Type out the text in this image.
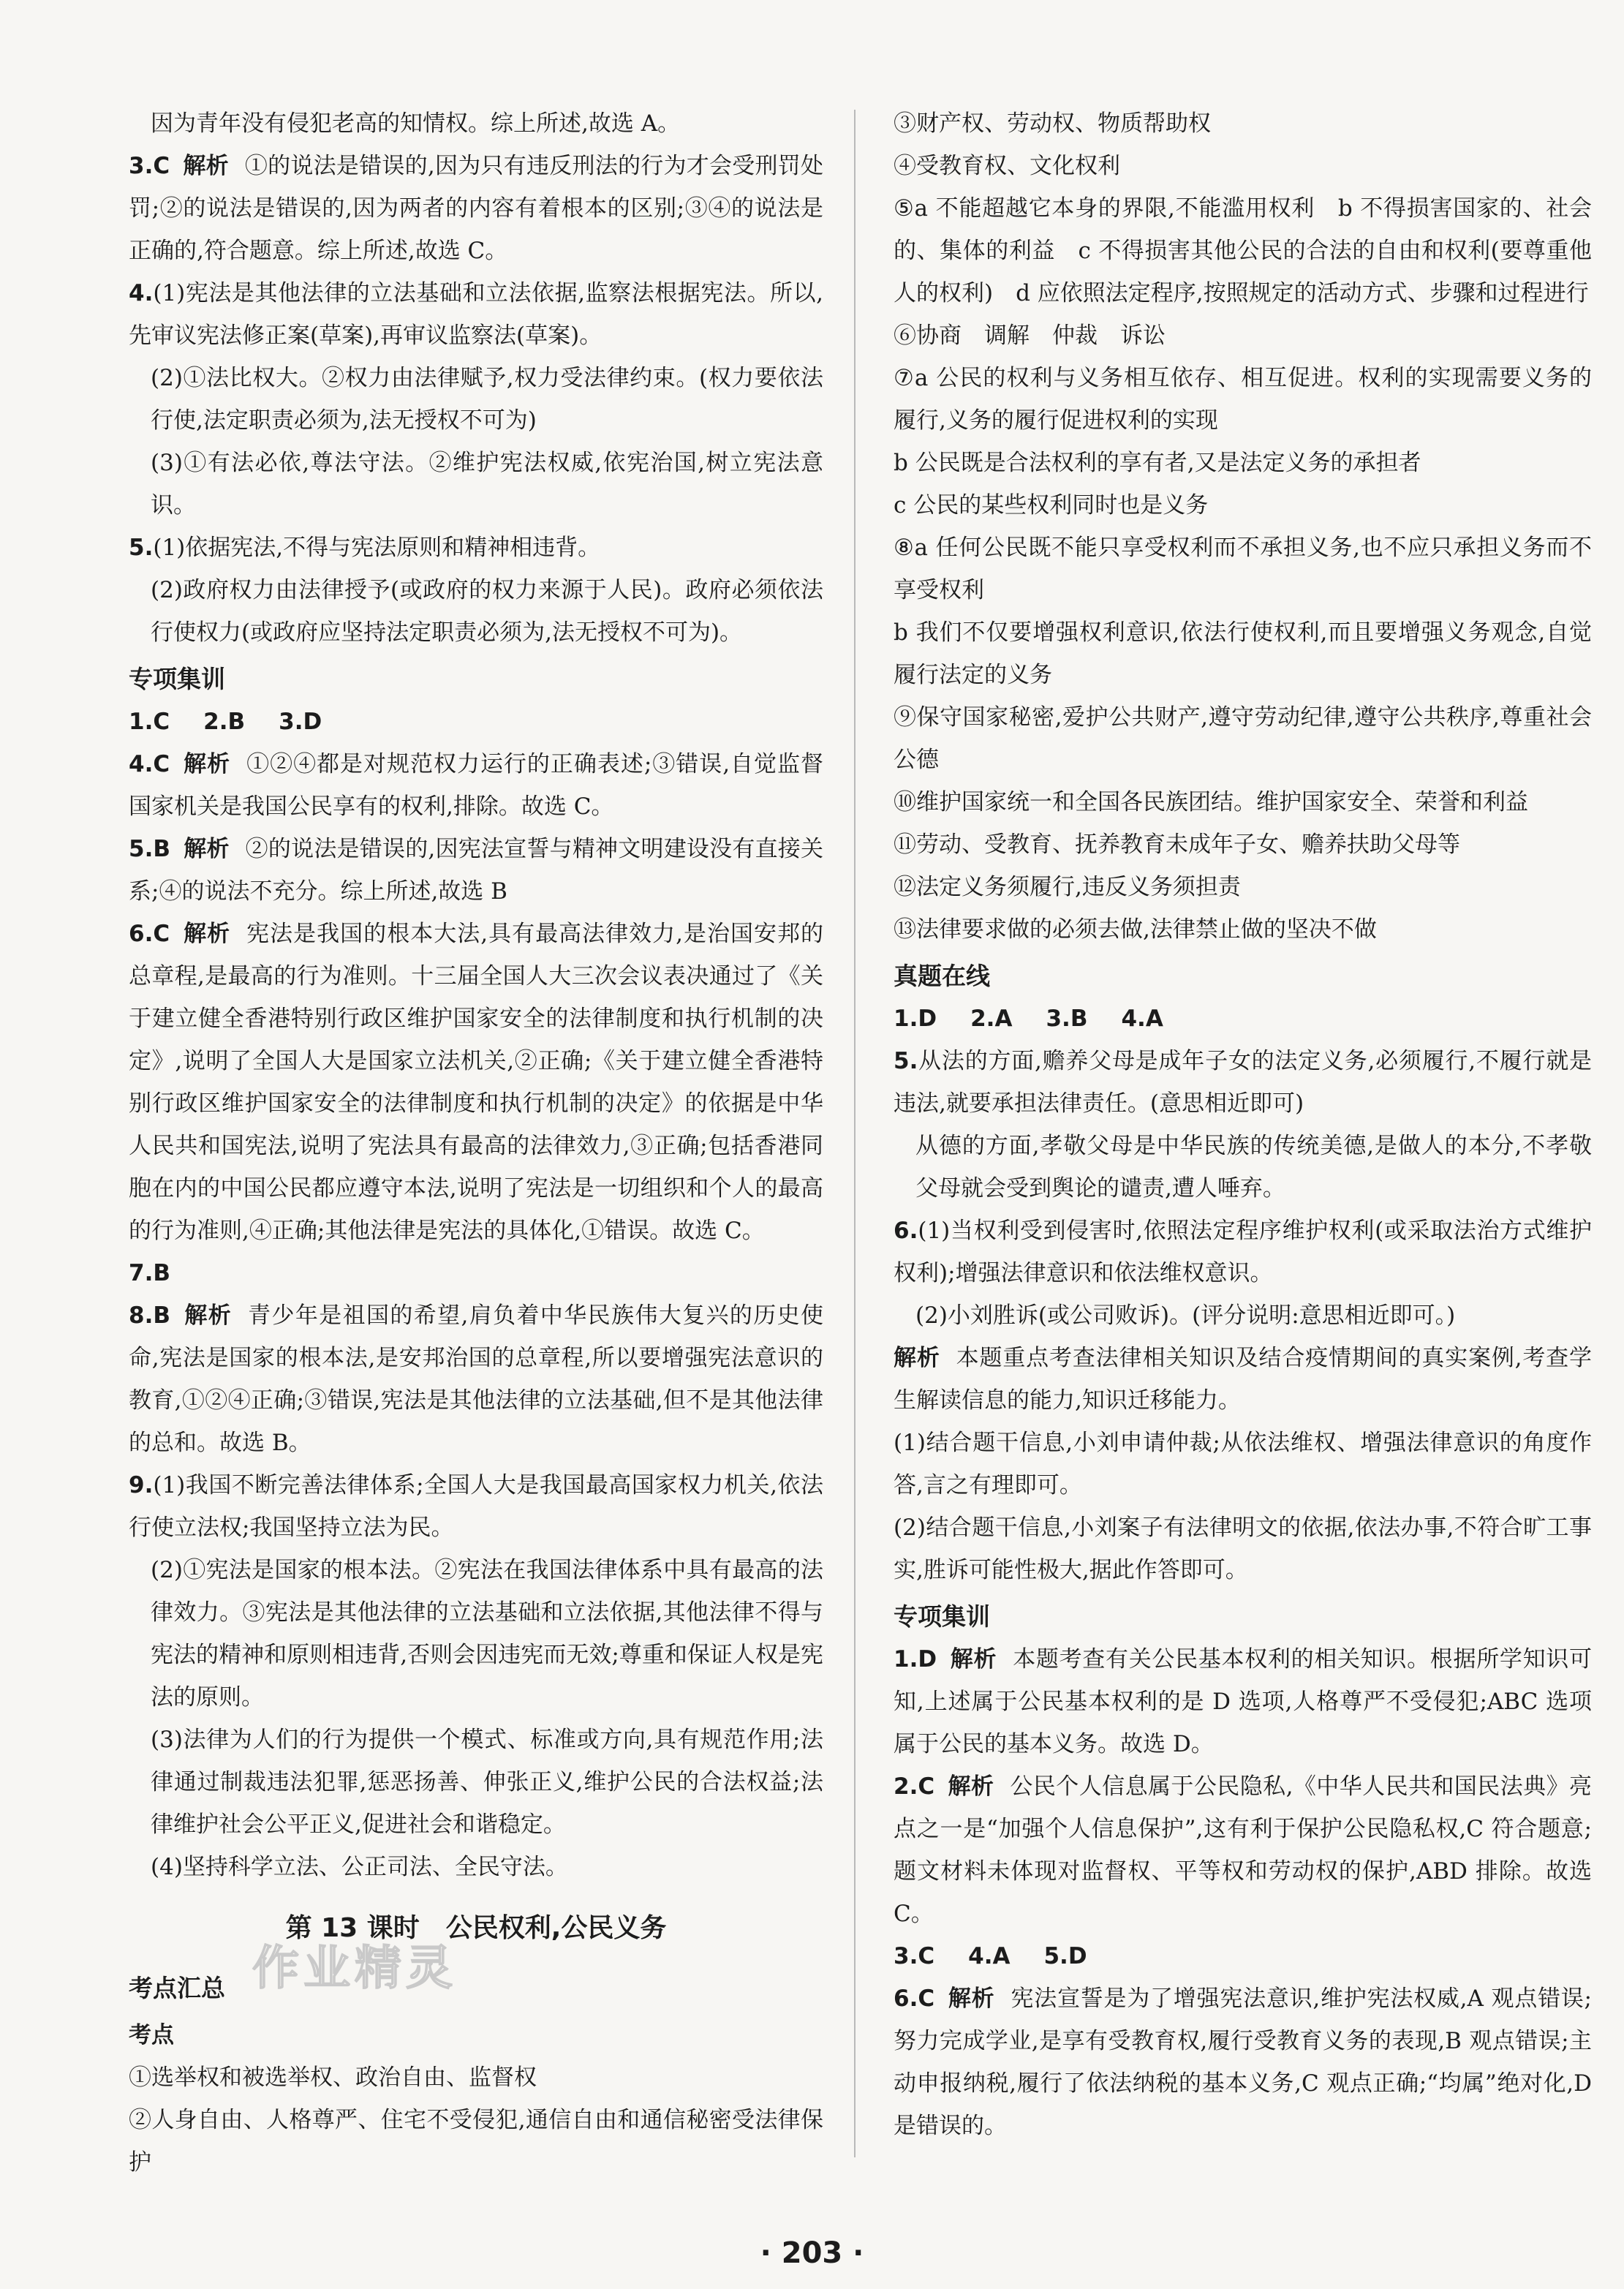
因为青年没有侵犯老高的知情权。综上所述,故选 A。

3.C 解析 ①的说法是错误的,因为只有违反刑法的行为才会受刑罚处罚;②的说法是错误的,因为两者的内容有着根本的区别;③④的说法是正确的,符合题意。综上所述,故选 C。

4.(1)宪法是其他法律的立法基础和立法依据,监察法根据宪法。所以,先审议宪法修正案(草案),再审议监察法(草案)。

(2)①法比权大。②权力由法律赋予,权力受法律约束。(权力要依法行使,法定职责必须为,法无授权不可为)

(3)①有法必依,尊法守法。②维护宪法权威,依宪治国,树立宪法意识。

5.(1)依据宪法,不得与宪法原则和精神相违背。

(2)政府权力由法律授予(或政府的权力来源于人民)。政府必须依法行使权力(或政府应坚持法定职责必须为,法无授权不可为)。

专项集训

1.C 2.B 3.D

4.C 解析 ①②④都是对规范权力运行的正确表述;③错误,自觉监督国家机关是我国公民享有的权利,排除。故选 C。

5.B 解析 ②的说法是错误的,因宪法宣誓与精神文明建设没有直接关系;④的说法不充分。综上所述,故选 B

6.C 解析 宪法是我国的根本大法,具有最高法律效力,是治国安邦的总章程,是最高的行为准则。十三届全国人大三次会议表决通过了《关于建立健全香港特别行政区维护国家安全的法律制度和执行机制的决定》,说明了全国人大是国家立法机关,②正确;《关于建立健全香港特别行政区维护国家安全的法律制度和执行机制的决定》的依据是中华人民共和国宪法,说明了宪法具有最高的法律效力,③正确;包括香港同胞在内的中国公民都应遵守本法,说明了宪法是一切组织和个人的最高的行为准则,④正确;其他法律是宪法的具体化,①错误。故选 C。

7.B

8.B 解析 青少年是祖国的希望,肩负着中华民族伟大复兴的历史使命,宪法是国家的根本法,是安邦治国的总章程,所以要增强宪法意识的教育,①②④正确;③错误,宪法是其他法律的立法基础,但不是其他法律的总和。故选 B。

9.(1)我国不断完善法律体系;全国人大是我国最高国家权力机关,依法行使立法权;我国坚持立法为民。

(2)①宪法是国家的根本法。②宪法在我国法律体系中具有最高的法律效力。③宪法是其他法律的立法基础和立法依据,其他法律不得与宪法的精神和原则相违背,否则会因违宪而无效;尊重和保证人权是宪法的原则。

(3)法律为人们的行为提供一个模式、标准或方向,具有规范作用;法律通过制裁违法犯罪,惩恶扬善、伸张正义,维护公民的合法权益;法律维护社会公平正义,促进社会和谐稳定。

(4)坚持科学立法、公正司法、全民守法。

第 13 课时　公民权利,公民义务

考点汇总

考点

①选举权和被选举权、政治自由、监督权

②人身自由、人格尊严、住宅不受侵犯,通信自由和通信秘密受法律保护

③财产权、劳动权、物质帮助权

④受教育权、文化权利

⑤a 不能超越它本身的界限,不能滥用权利　b 不得损害国家的、社会的、集体的利益　c 不得损害其他公民的合法的自由和权利(要尊重他人的权利)　d 应依照法定程序,按照规定的活动方式、步骤和过程进行

⑥协商　调解　仲裁　诉讼

⑦a 公民的权利与义务相互依存、相互促进。权利的实现需要义务的履行,义务的履行促进权利的实现

b 公民既是合法权利的享有者,又是法定义务的承担者

c 公民的某些权利同时也是义务

⑧a 任何公民既不能只享受权利而不承担义务,也不应只承担义务而不享受权利

b 我们不仅要增强权利意识,依法行使权利,而且要增强义务观念,自觉履行法定的义务

⑨保守国家秘密,爱护公共财产,遵守劳动纪律,遵守公共秩序,尊重社会公德

⑩维护国家统一和全国各民族团结。维护国家安全、荣誉和利益

⑪劳动、受教育、抚养教育未成年子女、赡养扶助父母等

⑫法定义务须履行,违反义务须担责

⑬法律要求做的必须去做,法律禁止做的坚决不做

真题在线

1.D 2.A 3.B 4.A

5.从法的方面,赡养父母是成年子女的法定义务,必须履行,不履行就是违法,就要承担法律责任。(意思相近即可)

从德的方面,孝敬父母是中华民族的传统美德,是做人的本分,不孝敬父母就会受到舆论的谴责,遭人唾弃。

6.(1)当权利受到侵害时,依照法定程序维护权利(或采取法治方式维护权利);增强法律意识和依法维权意识。

(2)小刘胜诉(或公司败诉)。(评分说明:意思相近即可。)

解析 本题重点考查法律相关知识及结合疫情期间的真实案例,考查学生解读信息的能力,知识迁移能力。

(1)结合题干信息,小刘申请仲裁;从依法维权、增强法律意识的角度作答,言之有理即可。

(2)结合题干信息,小刘案子有法律明文的依据,依法办事,不符合旷工事实,胜诉可能性极大,据此作答即可。

专项集训

1.D 解析 本题考查有关公民基本权利的相关知识。根据所学知识可知,上述属于公民基本权利的是 D 选项,人格尊严不受侵犯;ABC 选项属于公民的基本义务。故选 D。

2.C 解析 公民个人信息属于公民隐私,《中华人民共和国民法典》亮点之一是“加强个人信息保护”,这有利于保护公民隐私权,C 符合题意;题文材料未体现对监督权、平等权和劳动权的保护,ABD 排除。故选 C。

3.C 4.A 5.D

6.C 解析 宪法宣誓是为了增强宪法意识,维护宪法权威,A 观点错误;努力完成学业,是享有受教育权,履行受教育义务的表现,B 观点错误;主动申报纳税,履行了依法纳税的基本义务,C 观点正确;“均属”绝对化,D 是错误的。

作业精灵
· 203 ·
